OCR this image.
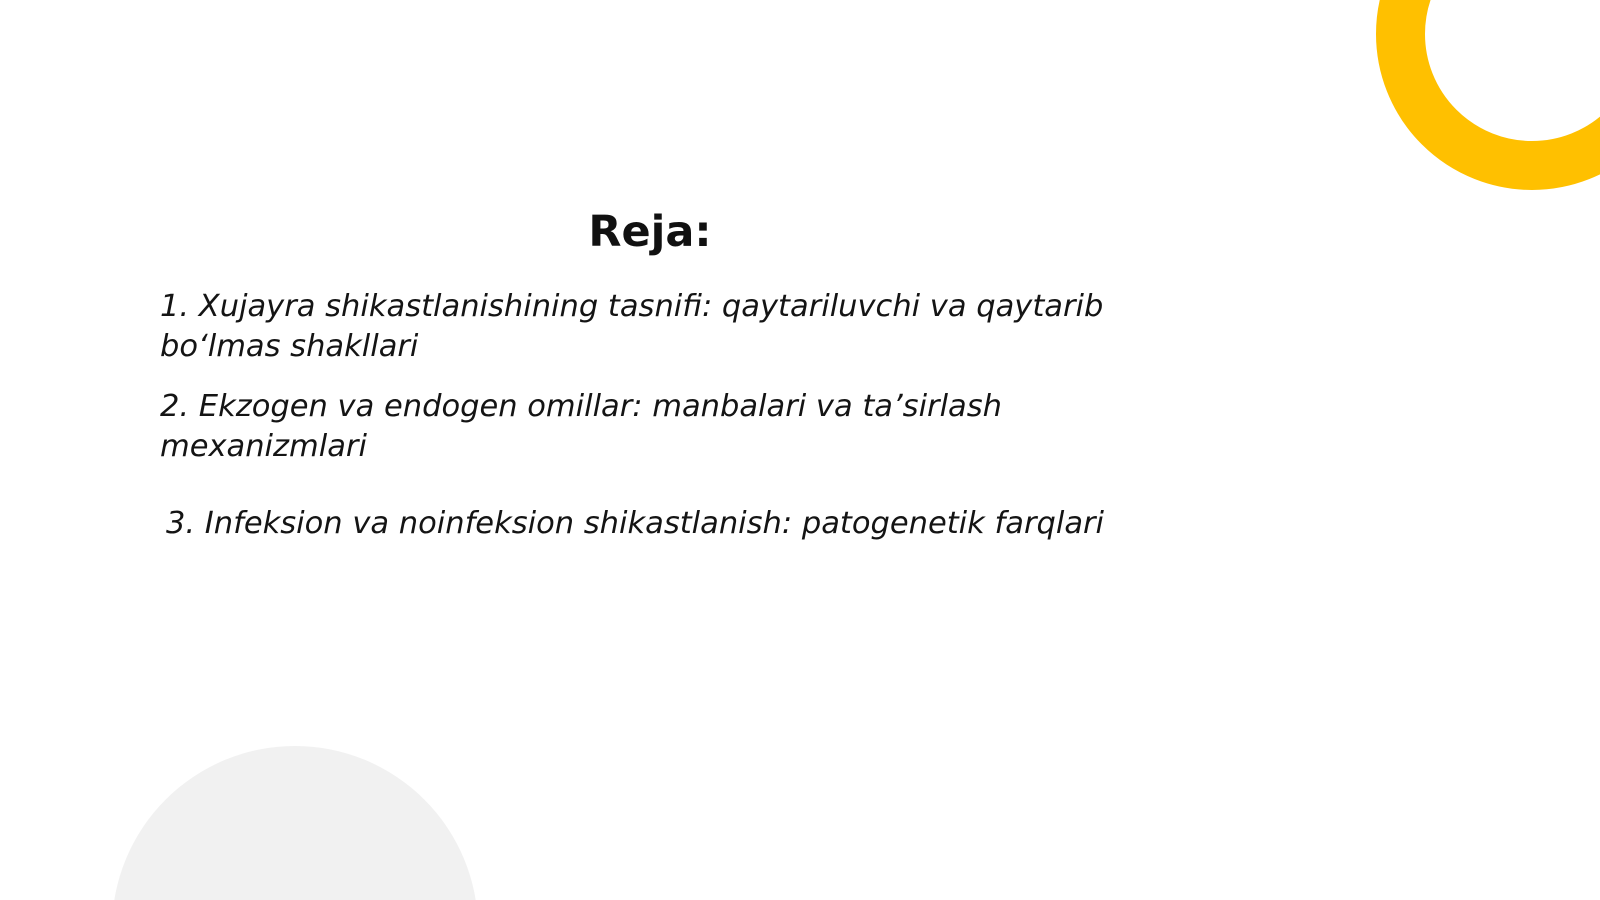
Reja:
1. Xujayra shikastlanishining tasnifi: qaytariluvchi va qaytarib bo‘lmas shakllari
2. Ekzogen va endogen omillar: manbalari va ta’sirlash mexanizmlari
3. Infeksion va noinfeksion shikastlanish: patogenetik farqlari
